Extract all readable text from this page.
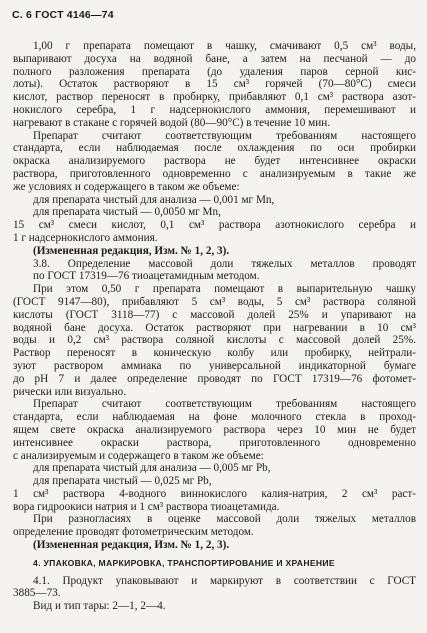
С. 6 ГОСТ 4146—74
1,00 г препарата помещают в чашку, смачивают 0,5 см³ воды,
выпаривают досуха на водяной бане, а затем на песчаной — до
полного разложения препарата (до удаления паров серной кис-
лоты). Остаток растворяют в 15 см³ горячей (70—80°С) смеси
кислот, раствор переносят в пробирку, прибавляют 0,1 см³ раствора азот-
нокислого серебра, 1 г надсернокислого аммония, перемешивают и
нагревают в стакане с горячей водой (80—90°С) в течение 10 мин.
Препарат считают соответствующим требованиям настоящего
стандарта, если наблюдаемая после охлаждения по оси пробирки
окраска анализируемого раствора не будет интенсивнее окраски
раствора, приготовленного одновременно с анализируемым в такие же
же условиях и содержащего в таком же объеме:
для препарата чистый для анализа — 0,001 мг Mn,
для препарата чистый — 0,0050 мг Mn,
15 см³ смеси кислот, 0,1 см³ раствора азотнокислого серебра и
1 г надсернокислого аммония.
(Измененная редакция, Изм. № 1, 2, 3).
3.8. Определение массовой доли тяжелых металлов проводят
по ГОСТ 17319—76 тиоацетамидным методом.
При этом 0,50 г препарата помещают в выпарительную чашку
(ГОСТ 9147—80), прибавляют 5 см³ воды, 5 см³ раствора соляной
кислоты (ГОСТ 3118—77) с массовой долей 25% и упаривают на
водяной бане досуха. Остаток растворяют при нагревании в 10 см³
воды и 0,2 см³ раствора соляной кислоты с массовой долей 25%.
Раствор переносят в коническую колбу или пробирку, нейтрали-
зуют раствором аммиака по универсальной индикаторной бумаге
до pH 7 и далее определение проводят по ГОСТ 17319—76 фотомет-
рически или визуально.
Препарат считают соответствующим требованиям настоящего
стандарта, если наблюдаемая на фоне молочного стекла в проход-
ящем свете окраска анализируемого раствора через 10 мин не будет
интенсивнее окраски раствора, приготовленного одновременно
с анализируемым и содержащего в таком же объеме:
для препарата чистый для анализа — 0,005 мг Pb,
для препарата чистый — 0,025 мг Pb,
1 см³ раствора 4-водного виннокислого калия-натрия, 2 см³ раст-
вора гидроокиси натрия и 1 см³ раствора тиоацетамида.
При разногласиях в оценке массовой доли тяжелых металлов
определение проводят фотометрическим методом.
(Измененная редакция, Изм. № 1, 2, 3).
4. УПАКОВКА, МАРКИРОВКА, ТРАНСПОРТИРОВАНИЕ И ХРАНЕНИЕ
4.1. Продукт упаковывают и маркируют в соответствии с ГОСТ
3885—73.
Вид и тип тары: 2—1, 2—4.
